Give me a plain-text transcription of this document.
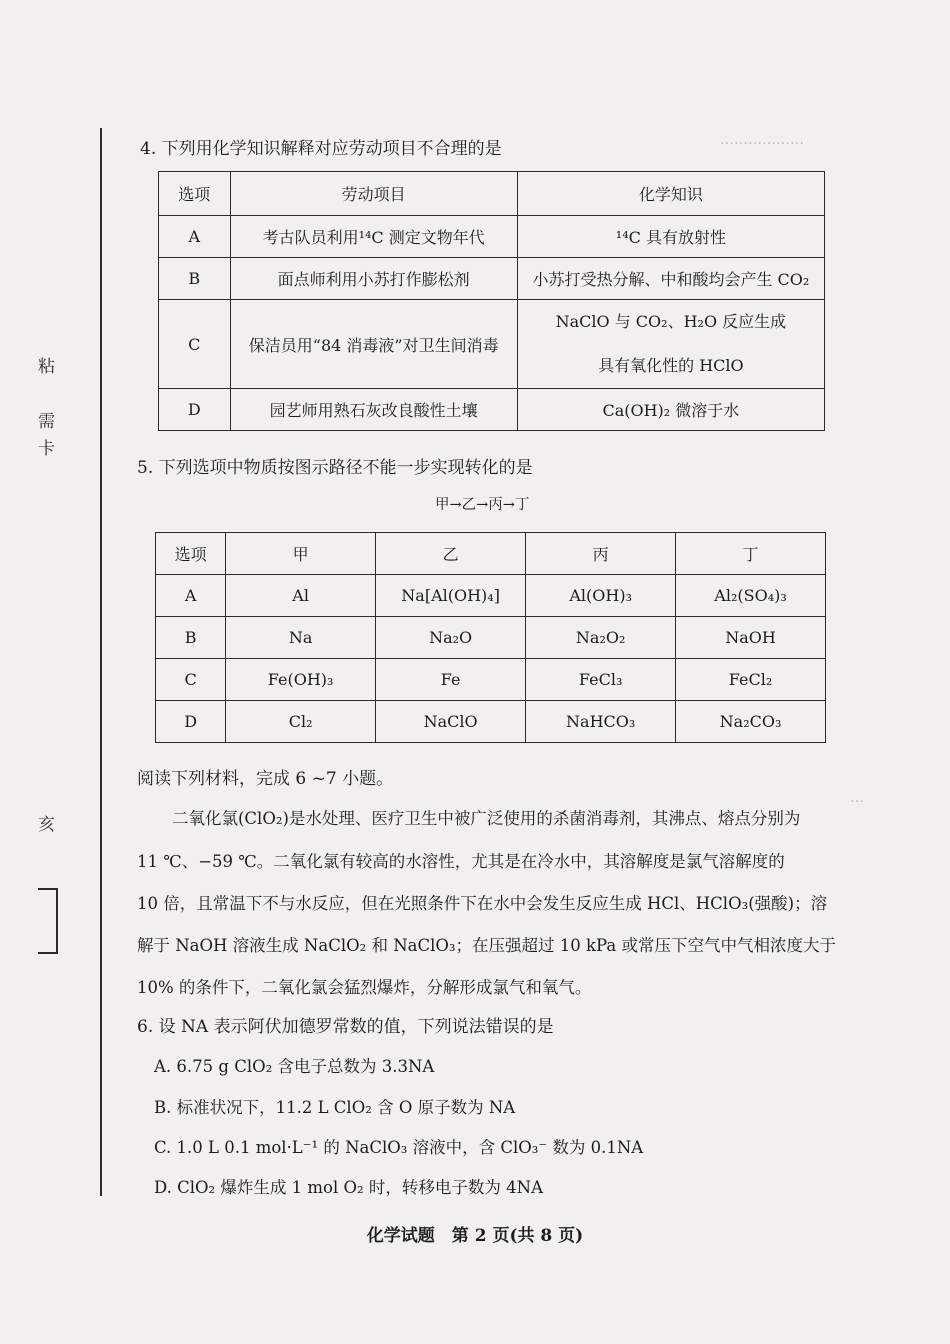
粘
需
卡
亥
………………
…
4. 下列用化学知识解释对应劳动项目不合理的是
选项	劳动项目	化学知识
A	考古队员利用¹⁴C 测定文物年代	¹⁴C 具有放射性
B	面点师利用小苏打作膨松剂	小苏打受热分解、中和酸均会产生 CO₂
C	保洁员用“84 消毒液”对卫生间消毒	NaClO 与 CO₂、H₂O 反应生成
具有氧化性的 HClO

D	园艺师用熟石灰改良酸性土壤	Ca(OH)₂ 微溶于水
5. 下列选项中物质按图示路径不能一步实现转化的是
甲→乙→丙→丁
选项	甲	乙	丙	丁
A	Al	Na[Al(OH)₄]	Al(OH)₃	Al₂(SO₄)₃
B	Na	Na₂O	Na₂O₂	NaOH
C	Fe(OH)₃	Fe	FeCl₃	FeCl₂
D	Cl₂	NaClO	NaHCO₃	Na₂CO₃
阅读下列材料，完成 6 ~7 小题。
二氧化氯(ClO₂)是水处理、医疗卫生中被广泛使用的杀菌消毒剂，其沸点、熔点分别为
11 ℃、−59 ℃。二氧化氯有较高的水溶性，尤其是在冷水中，其溶解度是氯气溶解度的
10 倍，且常温下不与水反应，但在光照条件下在水中会发生反应生成 HCl、HClO₃(强酸)；溶
解于 NaOH 溶液生成 NaClO₂ 和 NaClO₃；在压强超过 10 kPa 或常压下空气中气相浓度大于
10% 的条件下，二氧化氯会猛烈爆炸，分解形成氯气和氧气。
6. 设 NA 表示阿伏加德罗常数的值，下列说法错误的是
A. 6.75 g ClO₂ 含电子总数为 3.3NA
B. 标准状况下，11.2 L ClO₂ 含 O 原子数为 NA
C. 1.0 L 0.1 mol·L⁻¹ 的 NaClO₃ 溶液中，含 ClO₃⁻ 数为 0.1NA
D. ClO₂ 爆炸生成 1 mol O₂ 时，转移电子数为 4NA
化学试题　第 2 页(共 8 页)
